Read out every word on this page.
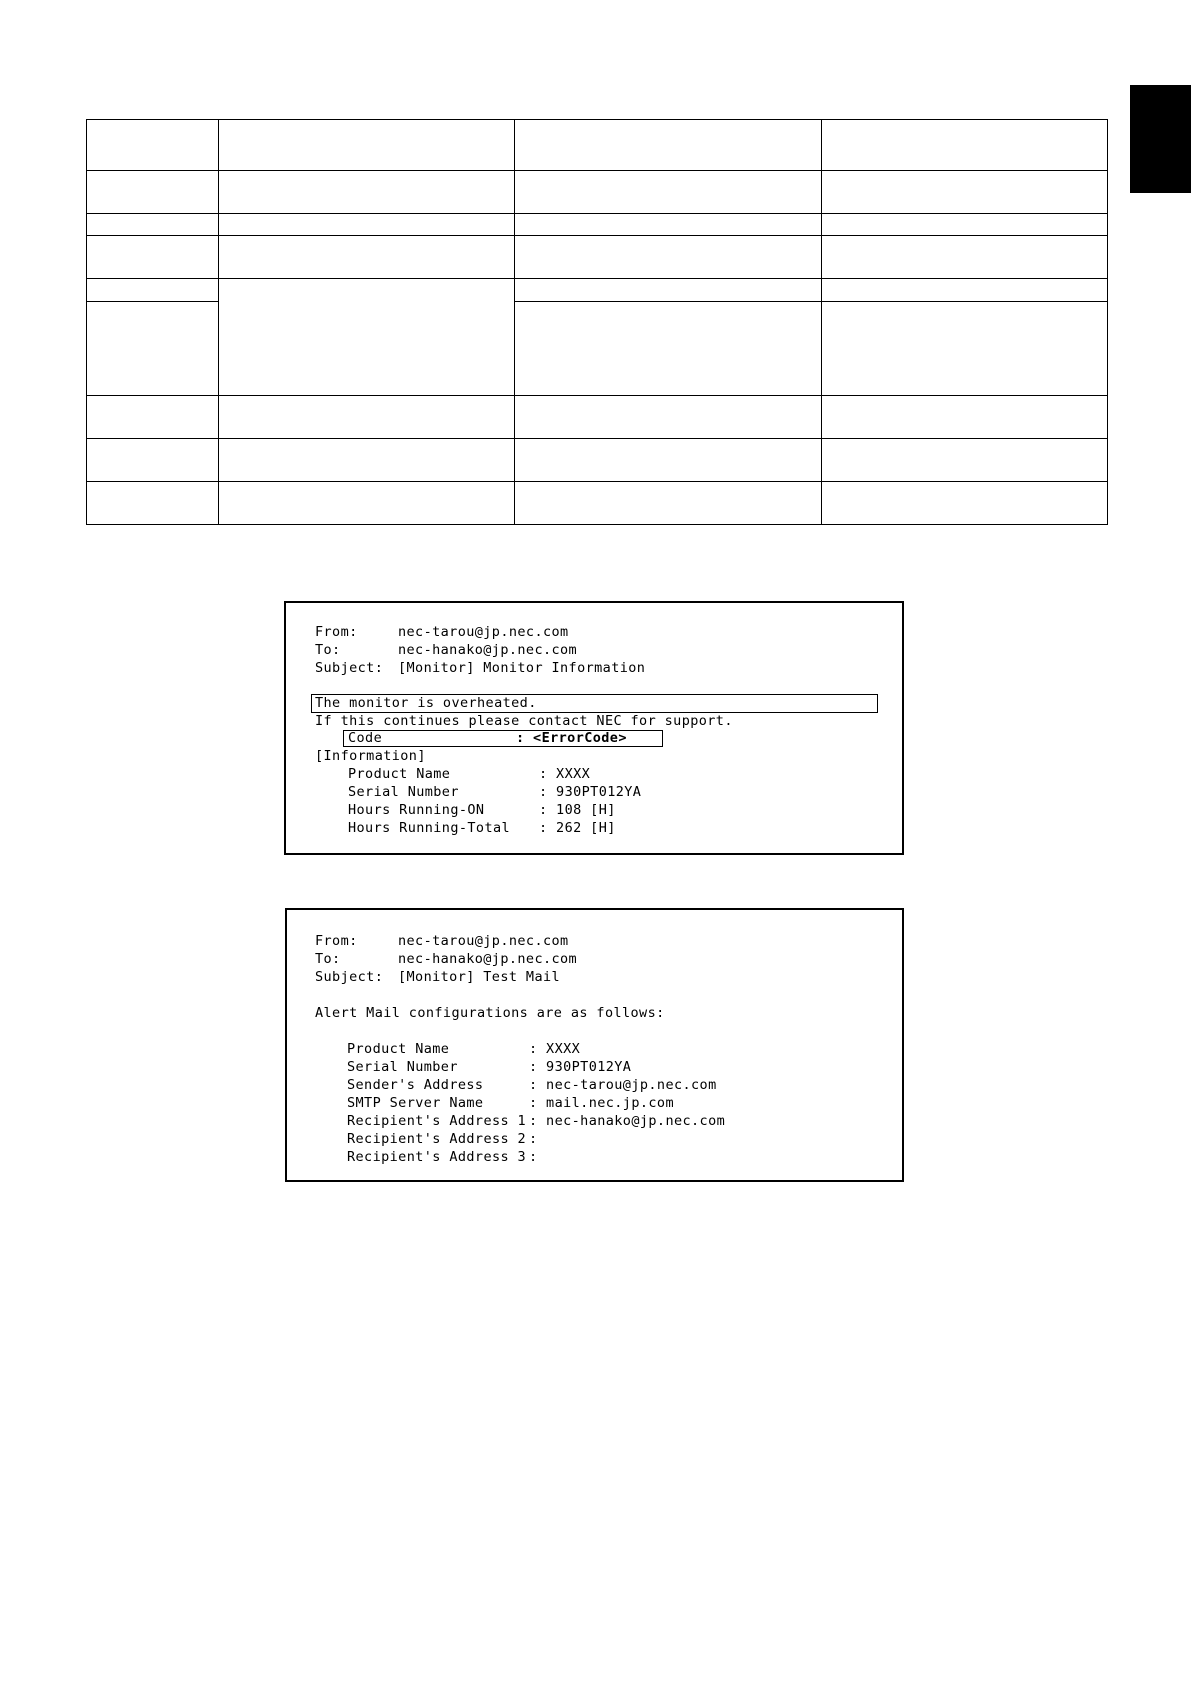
From:	nec-tarou@jp.nec.com
To:	nec-hanako@jp.nec.com
Subject: [Monitor] Monitor Information
The monitor is overheated.
If this continues please contact NEC for support.
Code	: <ErrorCode>
[Information]
Product Name	: XXXX
Serial Number	: 930PT012YA
Hours Running-ON	: 108 [H]
Hours Running-Total : 262 [H]
From:	nec-tarou@jp.nec.com
To:	nec-hanako@jp.nec.com
Subject: [Monitor] Test Mail
Alert Mail configurations are as follows:
Product Name	: XXXX
Serial Number	: 930PT012YA
Sender's Address	: nec-tarou@jp.nec.com
SMTP Server Name	: mail.nec.jp.com
Recipient's Address 1 : nec-hanako@jp.nec.com
Recipient's Address 2 :
Recipient's Address 3 :
